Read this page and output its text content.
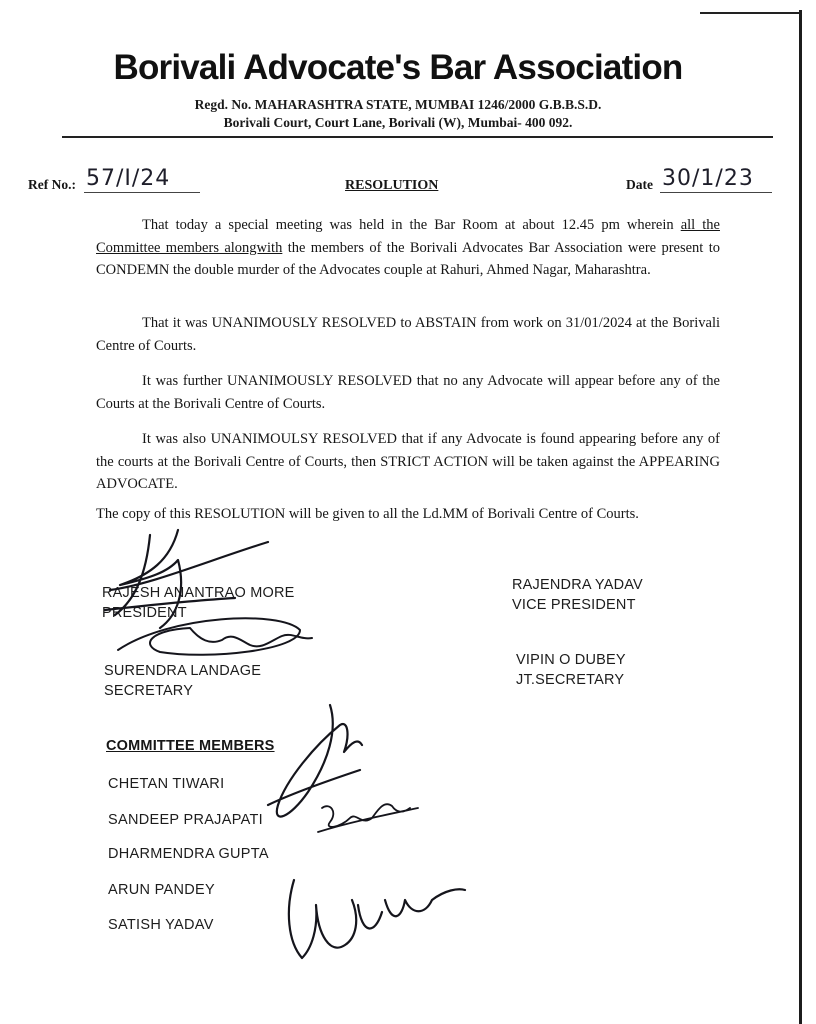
Borivali Advocate's Bar Association
Regd. No. MAHARASHTRA STATE, MUMBAI 1246/2000 G.B.B.S.D.
Borivali Court, Court Lane, Borivali (W), Mumbai- 400 092.
Ref No.: 57/I/24	RESOLUTION	Date 30/1/23
That today a special meeting was held in the Bar Room at about 12.45 pm wherein all the Committee members alongwith the members of the Borivali Advocates Bar Association were present to CONDEMN the double murder of the Advocates couple at Rahuri, Ahmed Nagar, Maharashtra.
That it was UNANIMOUSLY RESOLVED to ABSTAIN from work on 31/01/2024 at the Borivali Centre of Courts.
It was further UNANIMOUSLY RESOLVED that no any Advocate will appear before any of the Courts at the Borivali Centre of Courts.
It was also UNANIMOULSY RESOLVED that if any Advocate is found appearing before any of the courts at the Borivali Centre of Courts, then STRICT ACTION will be taken against the APPEARING ADVOCATE.
The copy of this RESOLUTION will be given to all the Ld.MM of Borivali Centre of Courts.
RAJESH ANANTRAO MORE
PRESIDENT
RAJENDRA YADAV
VICE PRESIDENT
SURENDRA LANDAGE
SECRETARY
VIPIN O DUBEY
JT.SECRETARY
COMMITTEE MEMBERS
CHETAN TIWARI
SANDEEP PRAJAPATI
DHARMENDRA GUPTA
ARUN PANDEY
SATISH YADAV
